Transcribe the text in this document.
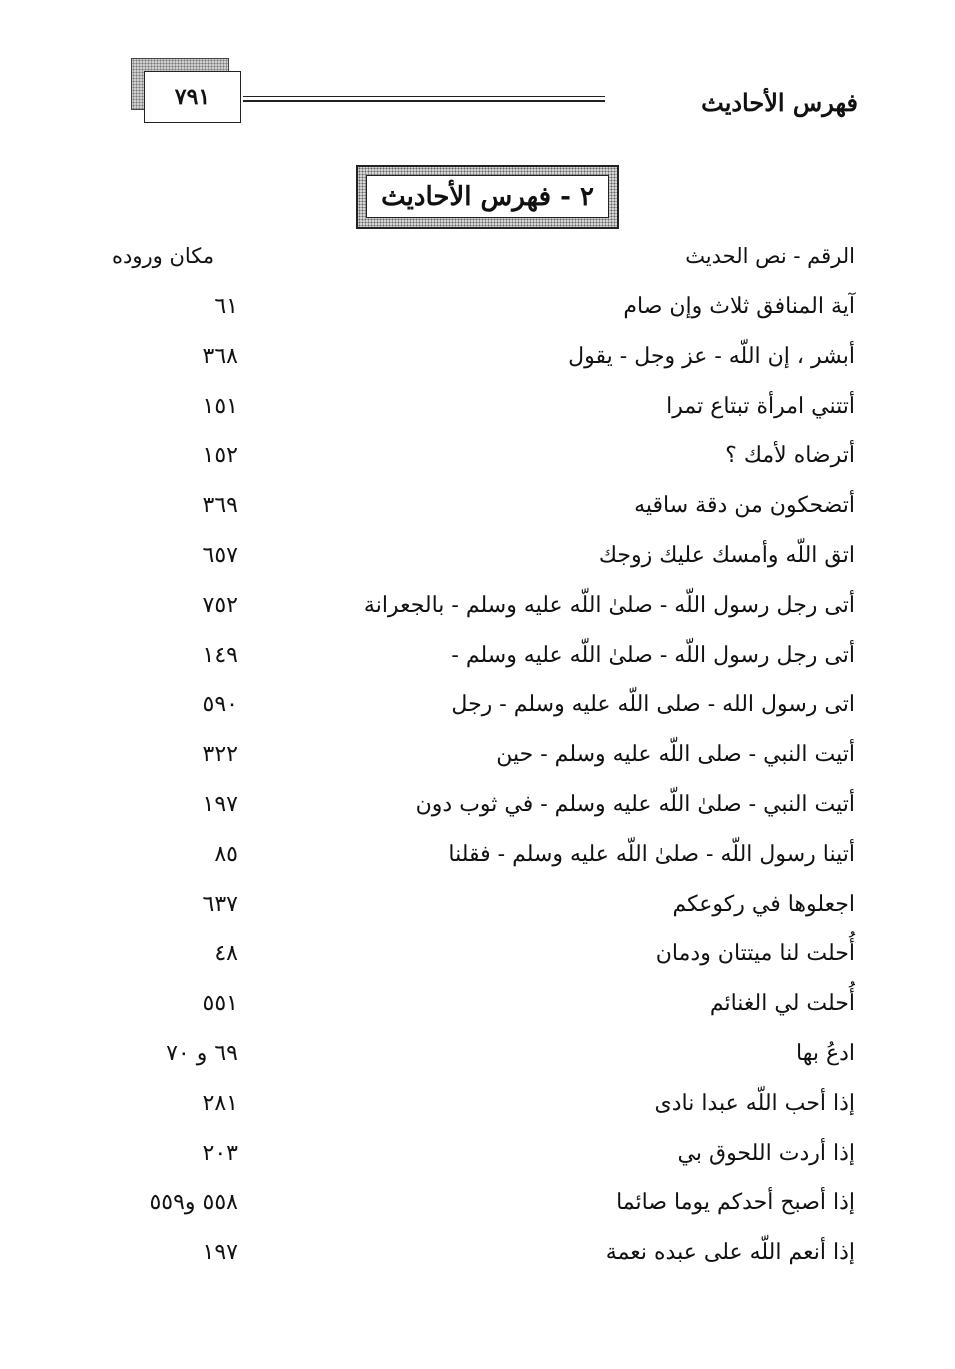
٧٩١	فهرس الأحاديث
٢ - فهرس الأحاديث
الرقم - نص الحديث
مكان وروده
آية المنافق ثلاث وإن صام
٦١
أبشر ، إن اللّه - عز وجل - يقول
٣٦٨
أتتني امرأة تبتاع تمرا
١٥١
أترضاه لأمك ؟
١٥٢
أتضحكون من دقة ساقيه
٣٦٩
اتق اللّه وأمسك عليك زوجك
٦٥٧
أتى رجل رسول اللّه - صلىٰ اللّه عليه وسلم - بالجعرانة
٧٥٢
أتى رجل رسول اللّه - صلىٰ اللّه عليه وسلم -
١٤٩
اتى رسول الله - صلى اللّه عليه وسلم - رجل
٥٩٠
أتيت النبي - صلى اللّه عليه وسلم - حين
٣٢٢
أتيت النبي - صلىٰ اللّه عليه وسلم - في ثوب دون
١٩٧
أتينا رسول اللّه - صلىٰ اللّه عليه وسلم - فقلنا
٨٥
اجعلوها في ركوعكم
٦٣٧
أُحلت لنا ميتتان ودمان
٤٨
أُحلت لي الغنائم
٥٥١
ادعُ بها
٦٩ و ٧٠
إذا أحب اللّه عبدا نادى
٢٨١
إذا أردت اللحوق بي
٢٠٣
إذا أصبح أحدكم يوما صائما
٥٥٨ و٥٥٩
إذا أنعم اللّه على عبده نعمة
١٩٧
